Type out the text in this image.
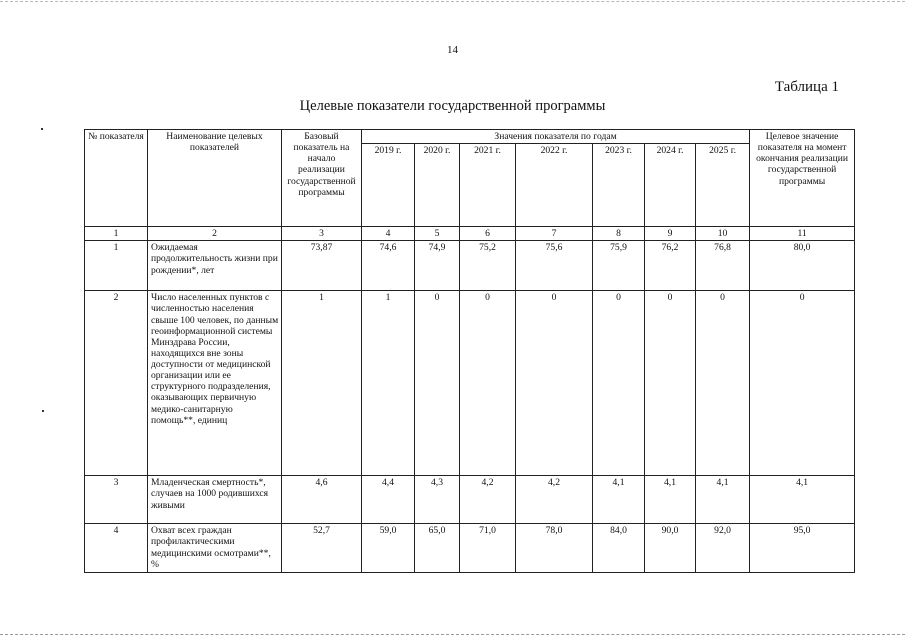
14
Таблица 1
Целевые показатели государственной программы
№ показателя	Наименование целевых показателей	Базовый показатель на начало реализации государственной программы	Значения показателя по годам							Целевое значение показателя на момент окончания реализации государственной программы
			2019 г.	2020 г.	2021 г.	2022 г.	2023 г.	2024 г.	2025 г.	
1	2	3	4	5	6	7	8	9	10	11
1	Ожидаемая продолжительность жизни при рождении*, лет	73,87	74,6	74,9	75,2	75,6	75,9	76,2	76,8	80,0
2	Число населенных пунктов с численностью населения свыше 100 человек, по данным геоинформационной системы Минздрава России, находящихся вне зоны доступности от медицинской организации или ее структурного подразделения, оказывающих первичную медико-санитарную помощь**, единиц	1	1	0	0	0	0	0	0	0
3	Младенческая смертность*, случаев на 1000 родившихся живыми	4,6	4,4	4,3	4,2	4,2	4,1	4,1	4,1	4,1
4	Охват всех граждан профилактическими медицинскими осмотрами**, %	52,7	59,0	65,0	71,0	78,0	84,0	90,0	92,0	95,0
